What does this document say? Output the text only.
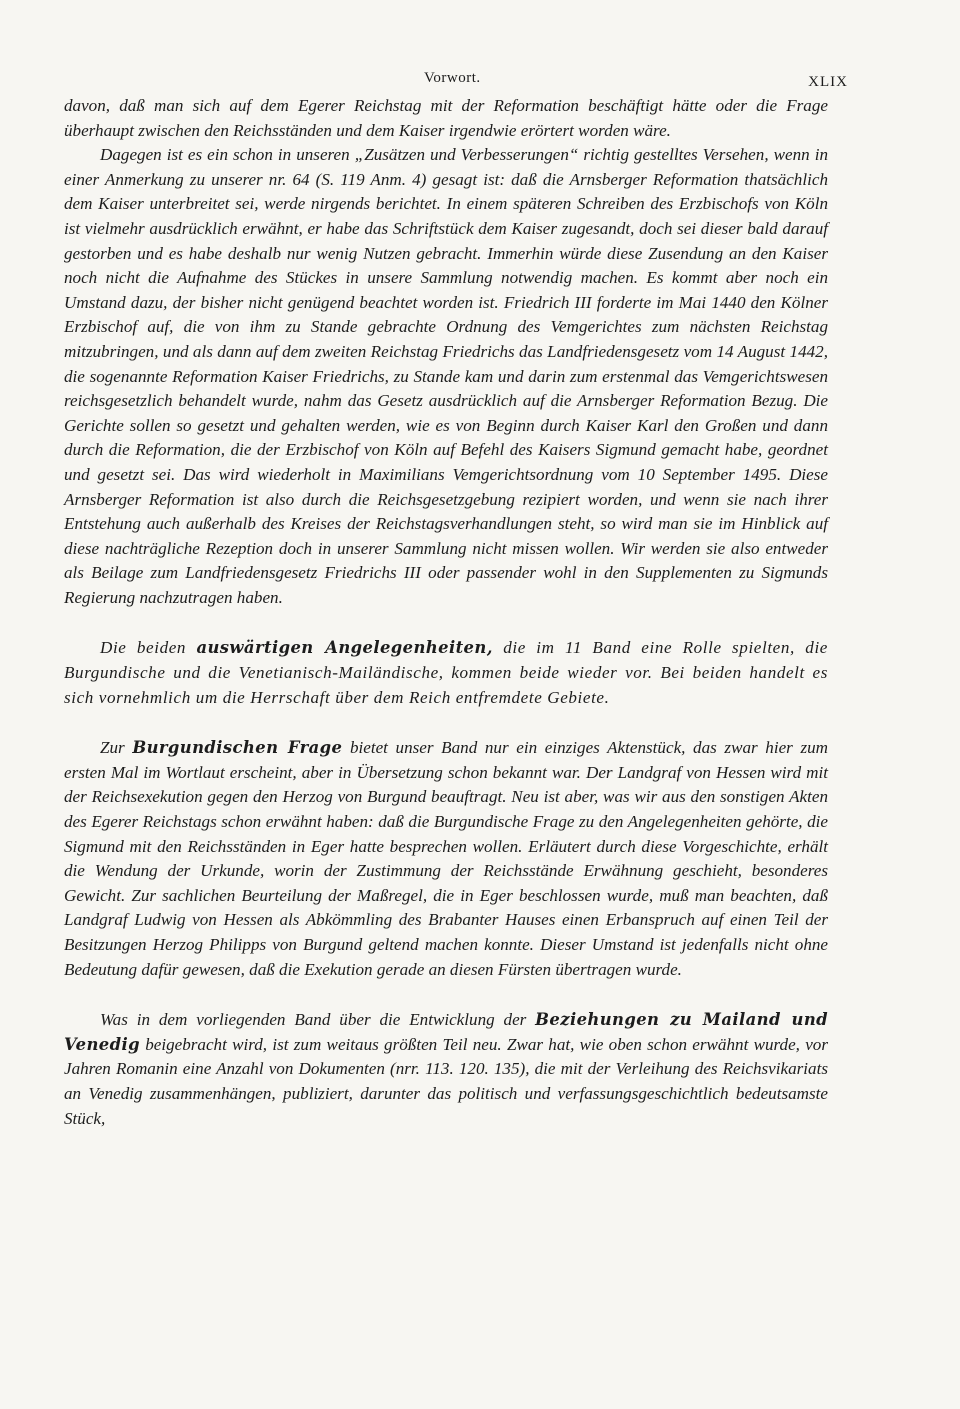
Vorwort.	XLIX

davon, daß man sich auf dem Egerer Reichstag mit der Reformation beschäftigt hätte oder die Frage überhaupt zwischen den Reichsständen und dem Kaiser irgendwie erörtert worden wäre.

Dagegen ist es ein schon in unseren „Zusätzen und Verbesserungen“ richtig gestelltes Versehen, wenn in einer Anmerkung zu unserer nr. 64 (S. 119 Anm. 4) gesagt ist: daß die Arnsberger Reformation thatsächlich dem Kaiser unterbreitet sei, werde nirgends berichtet. In einem späteren Schreiben des Erzbischofs von Köln ist vielmehr ausdrücklich erwähnt, er habe das Schriftstück dem Kaiser zugesandt, doch sei dieser bald darauf gestorben und es habe deshalb nur wenig Nutzen gebracht. Immerhin würde diese Zusendung an den Kaiser noch nicht die Aufnahme des Stückes in unsere Sammlung notwendig machen. Es kommt aber noch ein Umstand dazu, der bisher nicht genügend beachtet worden ist. Friedrich III forderte im Mai 1440 den Kölner Erzbischof auf, die von ihm zu Stande gebrachte Ordnung des Vemgerichtes zum nächsten Reichstag mitzubringen, und als dann auf dem zweiten Reichstag Friedrichs das Landfriedensgesetz vom 14 August 1442, die sogenannte Reformation Kaiser Friedrichs, zu Stande kam und darin zum erstenmal das Vemgerichtswesen reichsgesetzlich behandelt wurde, nahm das Gesetz ausdrücklich auf die Arnsberger Reformation Bezug. Die Gerichte sollen so gesetzt und gehalten werden, wie es von Beginn durch Kaiser Karl den Großen und dann durch die Reformation, die der Erzbischof von Köln auf Befehl des Kaisers Sigmund gemacht habe, geordnet und gesetzt sei. Das wird wiederholt in Maximilians Vemgerichtsordnung vom 10 September 1495. Diese Arnsberger Reformation ist also durch die Reichsgesetzgebung rezipiert worden, und wenn sie nach ihrer Entstehung auch außerhalb des Kreises der Reichstagsverhandlungen steht, so wird man sie im Hinblick auf diese nachträgliche Rezeption doch in unserer Sammlung nicht missen wollen. Wir werden sie also entweder als Beilage zum Landfriedensgesetz Friedrichs III oder passender wohl in den Supplementen zu Sigmunds Regierung nachzutragen haben.

Die beiden auswärtigen Angelegenheiten, die im 11 Band eine Rolle spielten, die Burgundische und die Venetianisch-Mailändische, kommen beide wieder vor. Bei beiden handelt es sich vornehmlich um die Herrschaft über dem Reich entfremdete Gebiete.

Zur Burgundischen Frage bietet unser Band nur ein einziges Aktenstück, das zwar hier zum ersten Mal im Wortlaut erscheint, aber in Übersetzung schon bekannt war. Der Landgraf von Hessen wird mit der Reichsexekution gegen den Herzog von Burgund beauftragt. Neu ist aber, was wir aus den sonstigen Akten des Egerer Reichstags schon erwähnt haben: daß die Burgundische Frage zu den Angelegenheiten gehörte, die Sigmund mit den Reichsständen in Eger hatte besprechen wollen. Erläutert durch diese Vorgeschichte, erhält die Wendung der Urkunde, worin der Zustimmung der Reichsstände Erwähnung geschieht, besonderes Gewicht. Zur sachlichen Beurteilung der Maßregel, die in Eger beschlossen wurde, muß man beachten, daß Landgraf Ludwig von Hessen als Abkömmling des Brabanter Hauses einen Erbanspruch auf einen Teil der Besitzungen Herzog Philipps von Burgund geltend machen konnte. Dieser Umstand ist jedenfalls nicht ohne Bedeutung dafür gewesen, daß die Exekution gerade an diesen Fürsten übertragen wurde.

Was in dem vorliegenden Band über die Entwicklung der Beziehungen zu Mailand und Venedig beigebracht wird, ist zum weitaus größten Teil neu. Zwar hat, wie oben schon erwähnt wurde, vor Jahren Romanin eine Anzahl von Dokumenten (nrr. 113. 120. 135), die mit der Verleihung des Reichsvikariats an Venedig zusammenhängen, publiziert, darunter das politisch und verfassungsgeschichtlich bedeutsamste Stück,
